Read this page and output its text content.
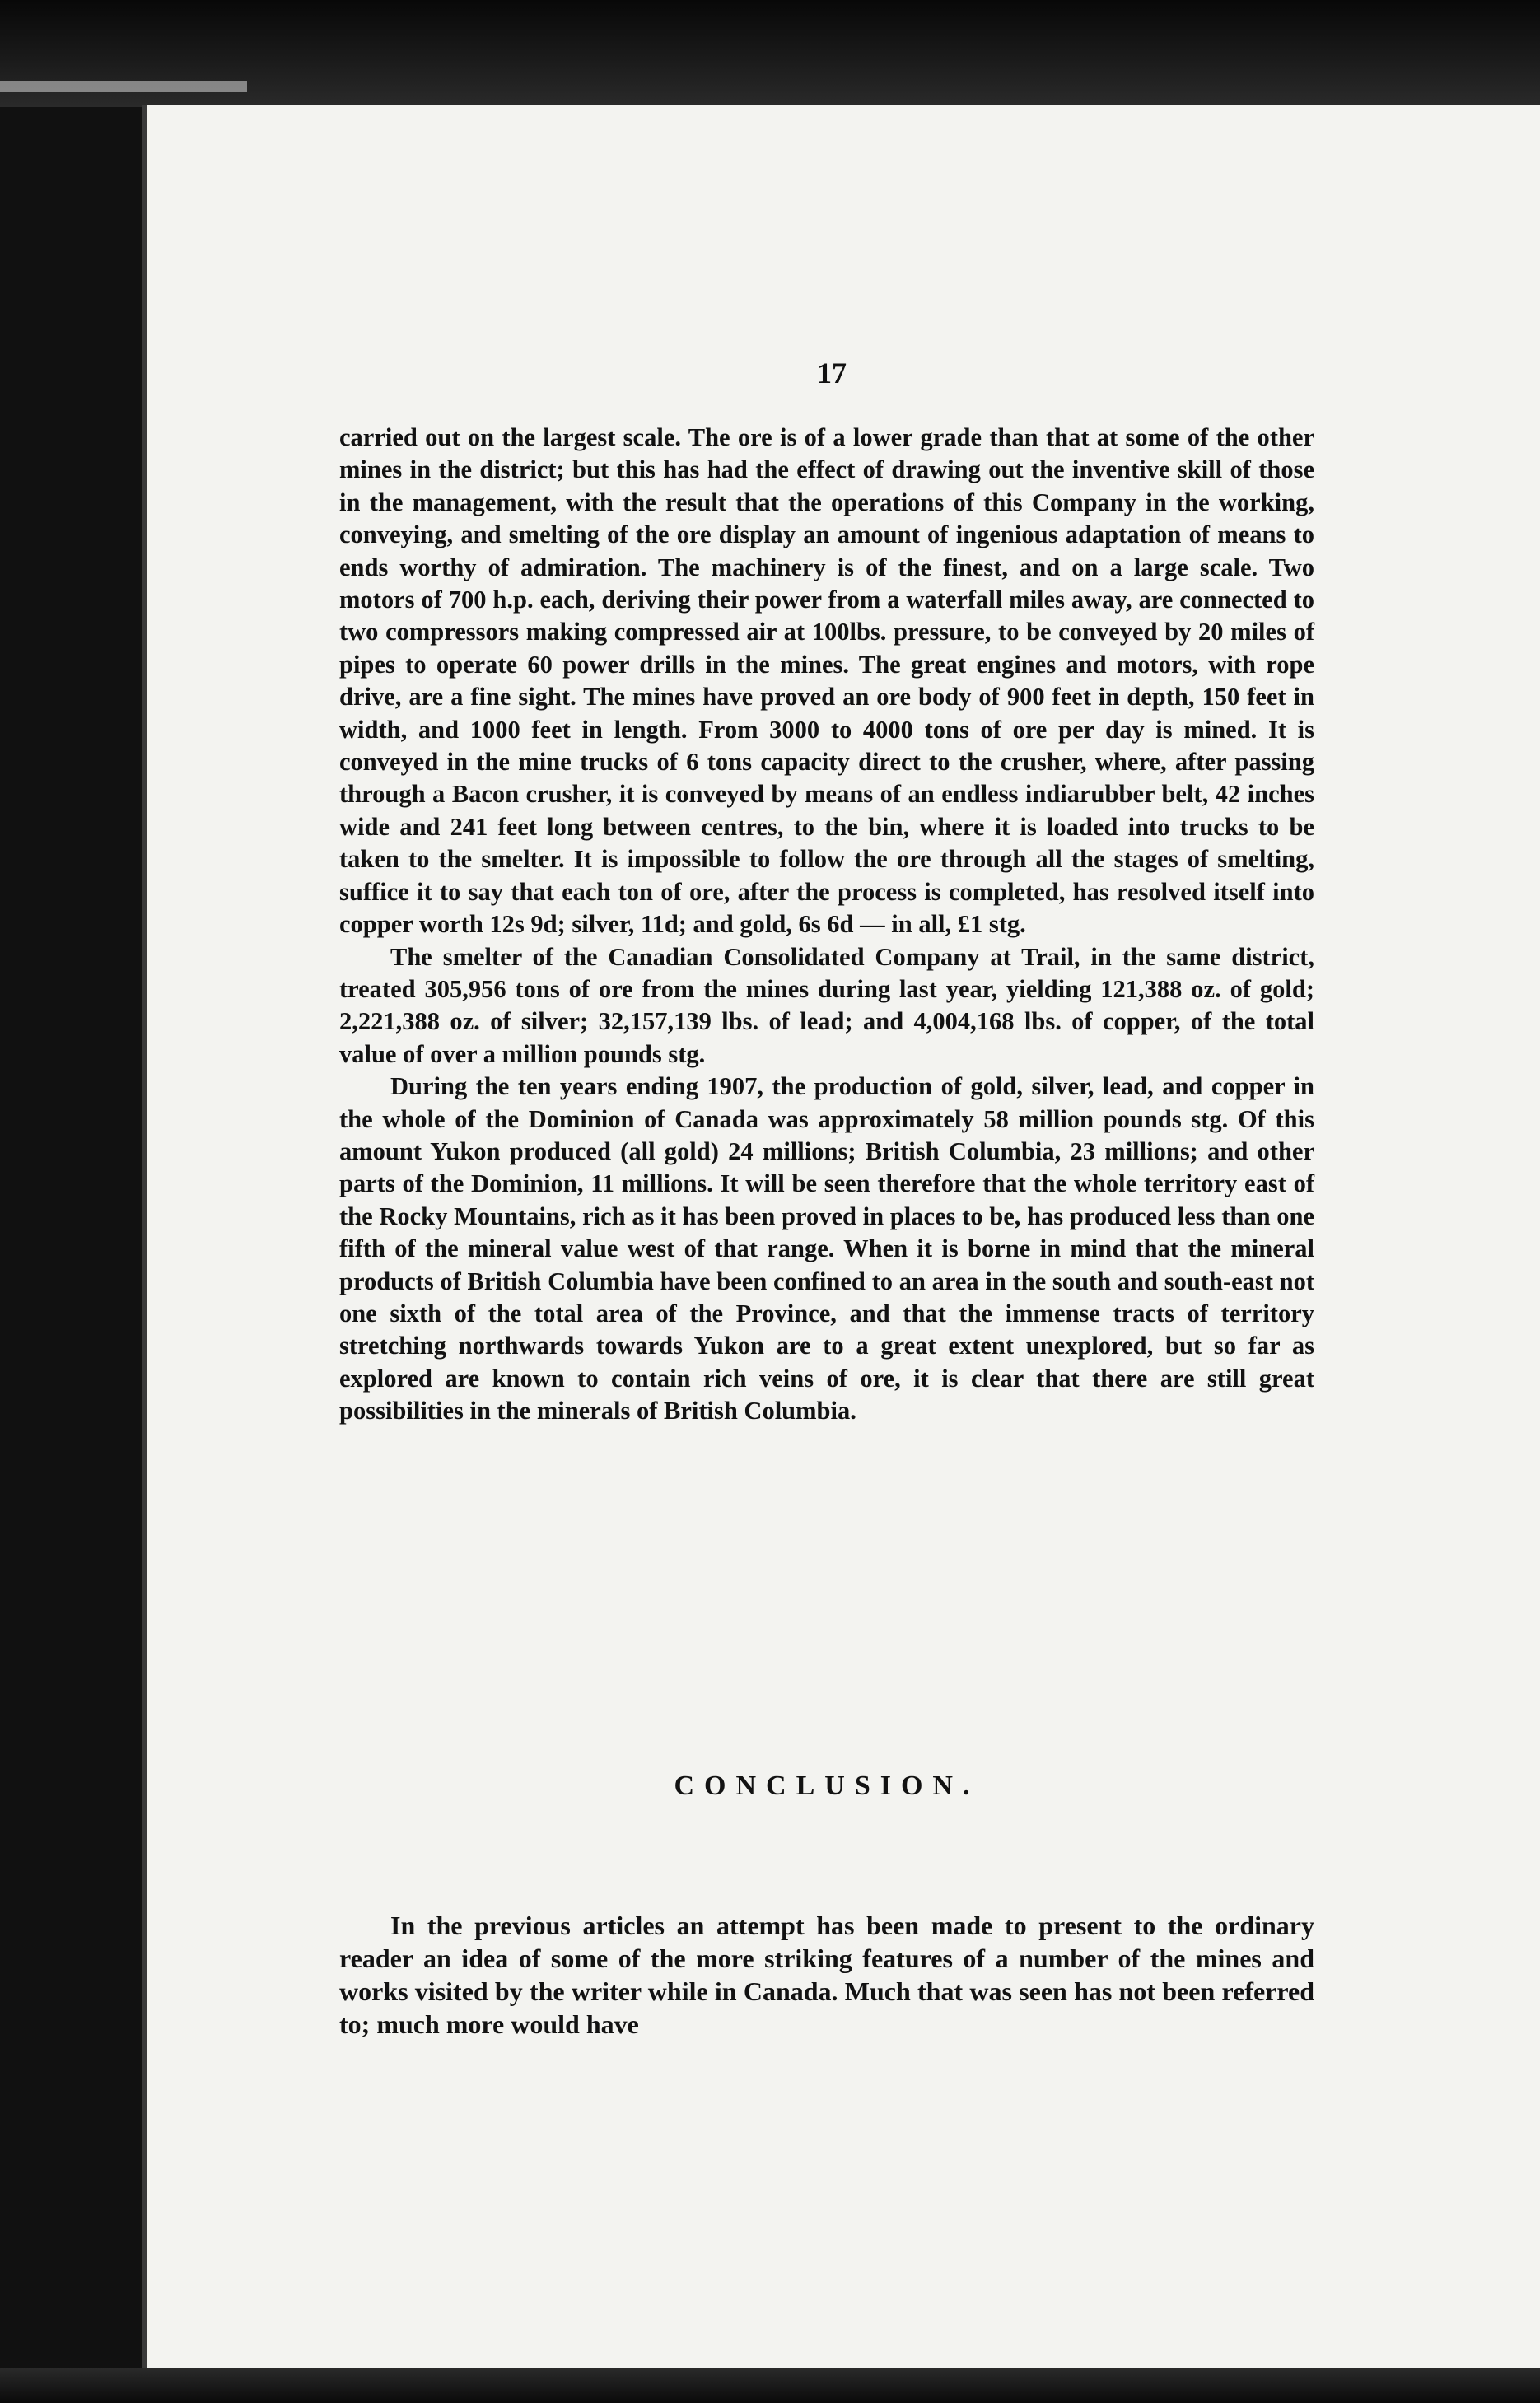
17

carried out on the largest scale. The ore is of a lower grade than that at some of the other mines in the district; but this has had the effect of drawing out the inventive skill of those in the management, with the result that the operations of this Company in the working, conveying, and smelting of the ore display an amount of ingenious adaptation of means to ends worthy of admiration. The machinery is of the finest, and on a large scale. Two motors of 700 h.p. each, deriving their power from a waterfall miles away, are connected to two compressors making compressed air at 100lbs. pressure, to be conveyed by 20 miles of pipes to operate 60 power drills in the mines. The great engines and motors, with rope drive, are a fine sight. The mines have proved an ore body of 900 feet in depth, 150 feet in width, and 1000 feet in length. From 3000 to 4000 tons of ore per day is mined. It is conveyed in the mine trucks of 6 tons capacity direct to the crusher, where, after passing through a Bacon crusher, it is conveyed by means of an endless indiarubber belt, 42 inches wide and 241 feet long between centres, to the bin, where it is loaded into trucks to be taken to the smelter. It is impossible to follow the ore through all the stages of smelting, suffice it to say that each ton of ore, after the process is completed, has resolved itself into copper worth 12s 9d; silver, 11d; and gold, 6s 6d — in all, £1 stg.

The smelter of the Canadian Consolidated Company at Trail, in the same district, treated 305,956 tons of ore from the mines during last year, yielding 121,388 oz. of gold; 2,221,388 oz. of silver; 32,157,139 lbs. of lead; and 4,004,168 lbs. of copper, of the total value of over a million pounds stg.

During the ten years ending 1907, the production of gold, silver, lead, and copper in the whole of the Dominion of Canada was approximately 58 million pounds stg. Of this amount Yukon produced (all gold) 24 millions; British Columbia, 23 millions; and other parts of the Dominion, 11 millions. It will be seen therefore that the whole territory east of the Rocky Mountains, rich as it has been proved in places to be, has produced less than one fifth of the mineral value west of that range. When it is borne in mind that the mineral products of British Columbia have been confined to an area in the south and south-east not one sixth of the total area of the Province, and that the immense tracts of territory stretching northwards towards Yukon are to a great extent unexplored, but so far as explored are known to contain rich veins of ore, it is clear that there are still great possibilities in the minerals of British Columbia.

CONCLUSION.

In the previous articles an attempt has been made to present to the ordinary reader an idea of some of the more striking features of a number of the mines and works visited by the writer while in Canada. Much that was seen has not been referred to; much more would have
